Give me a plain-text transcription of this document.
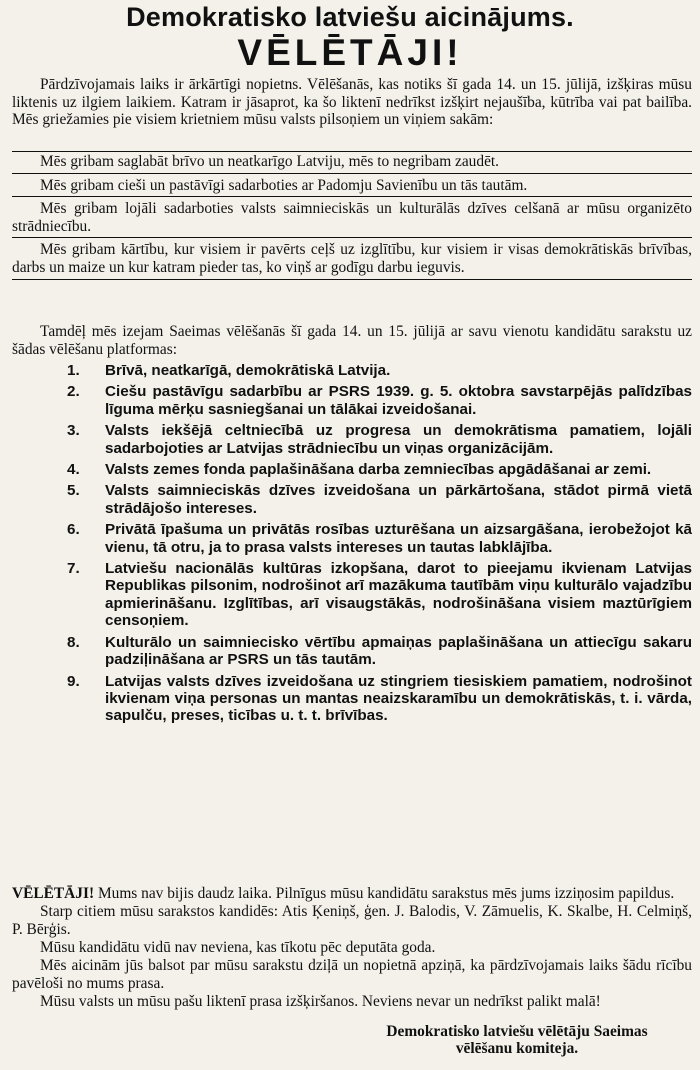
Demokratisko latviešu aicinājums.
VĒLĒTĀJI!
Pārdzīvojamais laiks ir ārkārtīgi nopietns. Vēlēšanās, kas notiks šī gada 14. un 15. jūlijā, izšķiras mūsu liktenis uz ilgiem laikiem. Katram ir jāsaprot, ka šo liktenī nedrīkst izšķirt nejaušība, kūtrība vai pat bailība. Mēs griežamies pie visiem krietniem mūsu valsts pilsoņiem un viņiem sakām:
Mēs gribam saglabāt brīvo un neatkarīgo Latviju, mēs to negribam zaudēt.
Mēs gribam cieši un pastāvīgi sadarboties ar Padomju Savienību un tās tautām.
Mēs gribam lojāli sadarboties valsts saimnieciskās un kulturālās dzīves celšanā ar mūsu organizēto strādniecību.
Mēs gribam kārtību, kur visiem ir pavērts ceļš uz izglītību, kur visiem ir visas demokrātiskās brīvības, darbs un maize un kur katram pieder tas, ko viņš ar godīgu darbu ieguvis.
Tamdēļ mēs izejam Saeimas vēlēšanās šī gada 14. un 15. jūlijā ar savu vienotu kandidātu sarakstu uz šādas vēlēšanu platformas:
1. Brīvā, neatkarīgā, demokrātiskā Latvija.
2. Ciešu pastāvīgu sadarbību ar PSRS 1939. g. 5. oktobra savstarpējās palīdzības līguma mērķu sasniegšanai un tālākai izveidošanai.
3. Valsts iekšējā celtniecībā uz progresa un demokrātisma pamatiem, lojāli sadarbojoties ar Latvijas strādniecību un viņas organizācijām.
4. Valsts zemes fonda paplašināšana darba zemniecības apgādāšanai ar zemi.
5. Valsts saimnieciskās dzīves izveidošana un pārkārtošana, stādot pirmā vietā strādājošo intereses.
6. Privātā īpašuma un privātās rosības uzturēšana un aizsargāšana, ierobežojot kā vienu, tā otru, ja to prasa valsts intereses un tautas labklājība.
7. Latviešu nacionālās kultūras izkopšana, darot to pieejamu ikvienam Latvijas Republikas pilsonim, nodrošinot arī mazākuma tautībām viņu kulturālo vajadzību apmierināšanu. Izglītības, arī visaugstākās, nodrošināšana visiem maztūrīgiem censoņiem.
8. Kulturālo un saimniecisko vērtību apmaiņas paplašināšana un attiecīgu sakaru padziļināšana ar PSRS un tās tautām.
9. Latvijas valsts dzīves izveidošana uz stingriem tiesiskiem pamatiem, nodrošinot ikvienam viņa personas un mantas neaizskaramību un demokrātiskās, t. i. vārda, sapulču, preses, ticības u. t. t. brīvības.

VĒLĒTĀJI! Mums nav bijis daudz laika. Pilnīgus mūsu kandidātu sarakstus mēs jums izziņosim papildus.

Starp citiem mūsu sarakstos kandidēs: Atis Ķeniņš, ģen. J. Balodis, V. Zāmuelis, K. Skalbe, H. Celmiņš, P. Bērģis.

Mūsu kandidātu vidū nav neviena, kas tīkotu pēc deputāta goda.

Mēs aicinām jūs balsot par mūsu sarakstu dziļā un nopietnā apziņā, ka pārdzīvojamais laiks šādu rīcību pavēloši no mums prasa.

Mūsu valsts un mūsu pašu liktenī prasa izšķiršanos. Neviens nevar un nedrīkst palikt malā!

Demokratisko latviešu vēlētāju Saeimas
vēlēšanu komiteja.
